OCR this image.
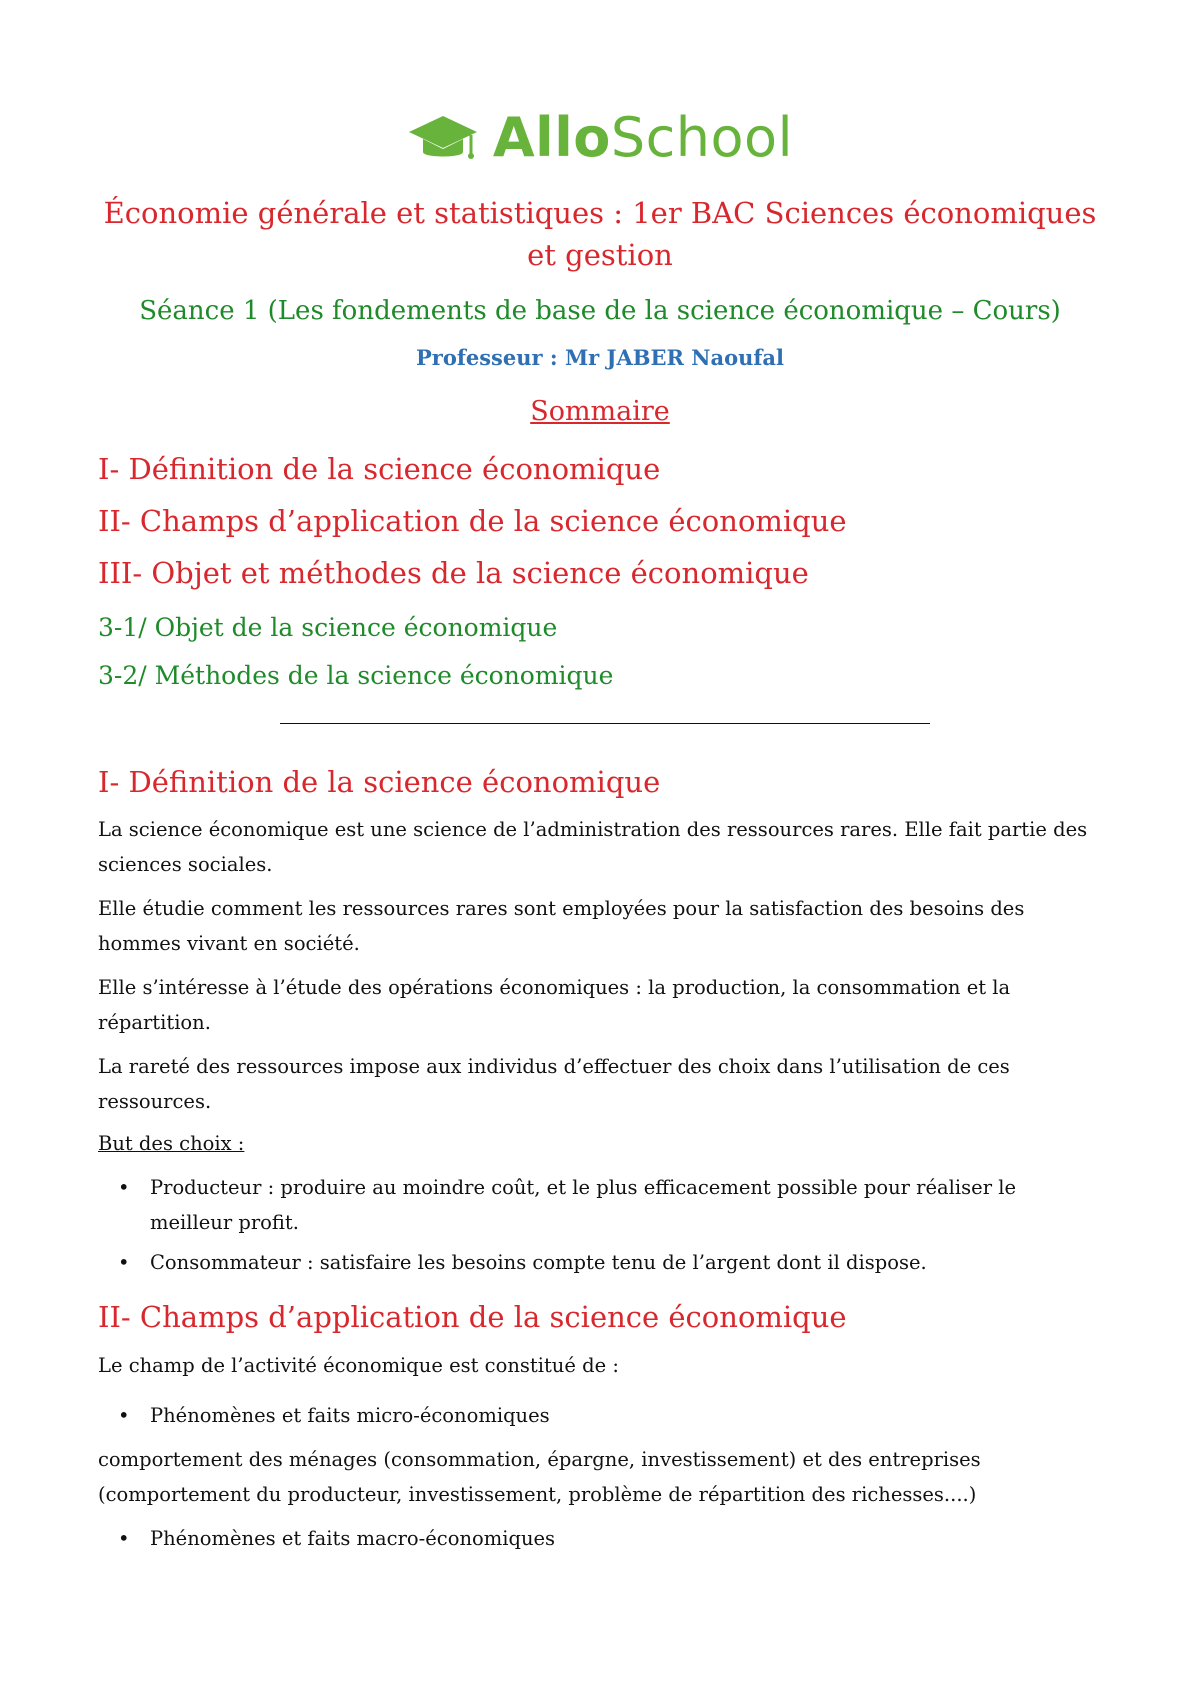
AlloSchool
Économie générale et statistiques : 1er BAC Sciences économiques et gestion
Séance 1 (Les fondements de base de la science économique – Cours)
Professeur : Mr JABER Naoufal
Sommaire
I- Définition de la science économique
II- Champs d’application de la science économique
III- Objet et méthodes de la science économique
3-1/ Objet de la science économique
3-2/ Méthodes de la science économique
I- Définition de la science économique

La science économique est une science de l’administration des ressources rares. Elle fait partie des sciences sociales.

Elle étudie comment les ressources rares sont employées pour la satisfaction des besoins des hommes vivant en société.

Elle s’intéresse à l’étude des opérations économiques : la production, la consommation et la répartition.

La rareté des ressources impose aux individus d’effectuer des choix dans l’utilisation de ces ressources.

But des choix :
•	Producteur : produire au moindre coût, et le plus efficacement possible pour réaliser le meilleur profit.
•	Consommateur : satisfaire les besoins compte tenu de l’argent dont il dispose.
II- Champs d’application de la science économique

Le champ de l’activité économique est constitué de :

•	Phénomènes et faits micro-économiques

comportement des ménages (consommation, épargne, investissement) et des entreprises (comportement du producteur, investissement, problème de répartition des richesses....)

•	Phénomènes et faits macro-économiques
